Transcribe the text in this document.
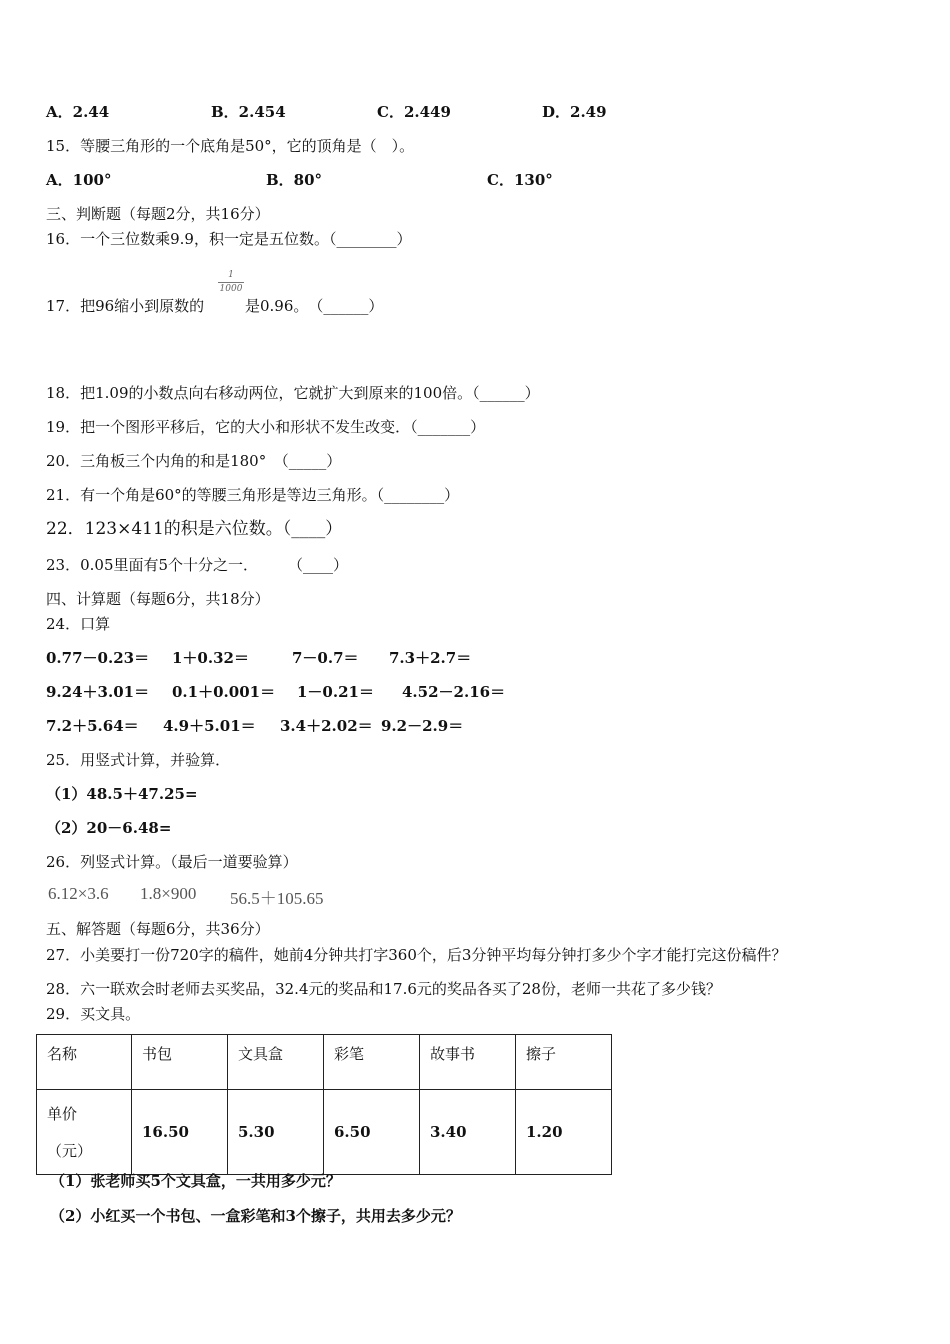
A．2.44	B．2.454	C．2.449	D．2.49
15．等腰三角形的一个底角是50°，它的顶角是（　）。
A．100°	B．80°	C．130°
三、判断题（每题2分，共16分）
16．一个三位数乘9.9，积一定是五位数。（________）
17．把96缩小到原数的
1
1000
是0.96。　（______）
18．把1.09的小数点向右移动两位，它就扩大到原来的100倍。（______）
19．把一个图形平移后，它的大小和形状不发生改变．（_______）
20．三角板三个内角的和是180°　（_____）
21．有一个角是60°的等腰三角形是等边三角形。（________）
22．123×411的积是六位数。（____）
23．0.05里面有5个十分之一．　　　（____）
四、计算题（每题6分，共18分）
24．口算
0.77－0.23＝ 1＋0.32＝	7－0.7＝ 7.3＋2.7＝
9.24＋3.01＝ 0.1＋0.001＝ 1－0.21＝ 4.52－2.16＝
7.2＋5.64＝ 4.9＋5.01＝ 3.4＋2.02＝ 9.2－2.9＝
25．用竖式计算，并验算．
（1）48.5＋47.25=
（2）20－6.48=
26．列竖式计算。（最后一道要验算）
6.12×3.6 1.8×900 56.5＋105.65
五、解答题（每题6分，共36分）
27．小美要打一份720字的稿件，她前4分钟共打字360个，后3分钟平均每分钟打多少个字才能打完这份稿件？
28．六一联欢会时老师去买奖品，32.4元的奖品和17.6元的奖品各买了28份，老师一共花了多少钱？
29．买文具。
名称	书包	文具盒	彩笔	故事书	擦子

单价
（元）	16.50	5.30	6.50	3.40	1.20
（1）张老师买5个文具盒，一共用多少元？
（2）小红买一个书包、一盒彩笔和3个擦子，共用去多少元？
